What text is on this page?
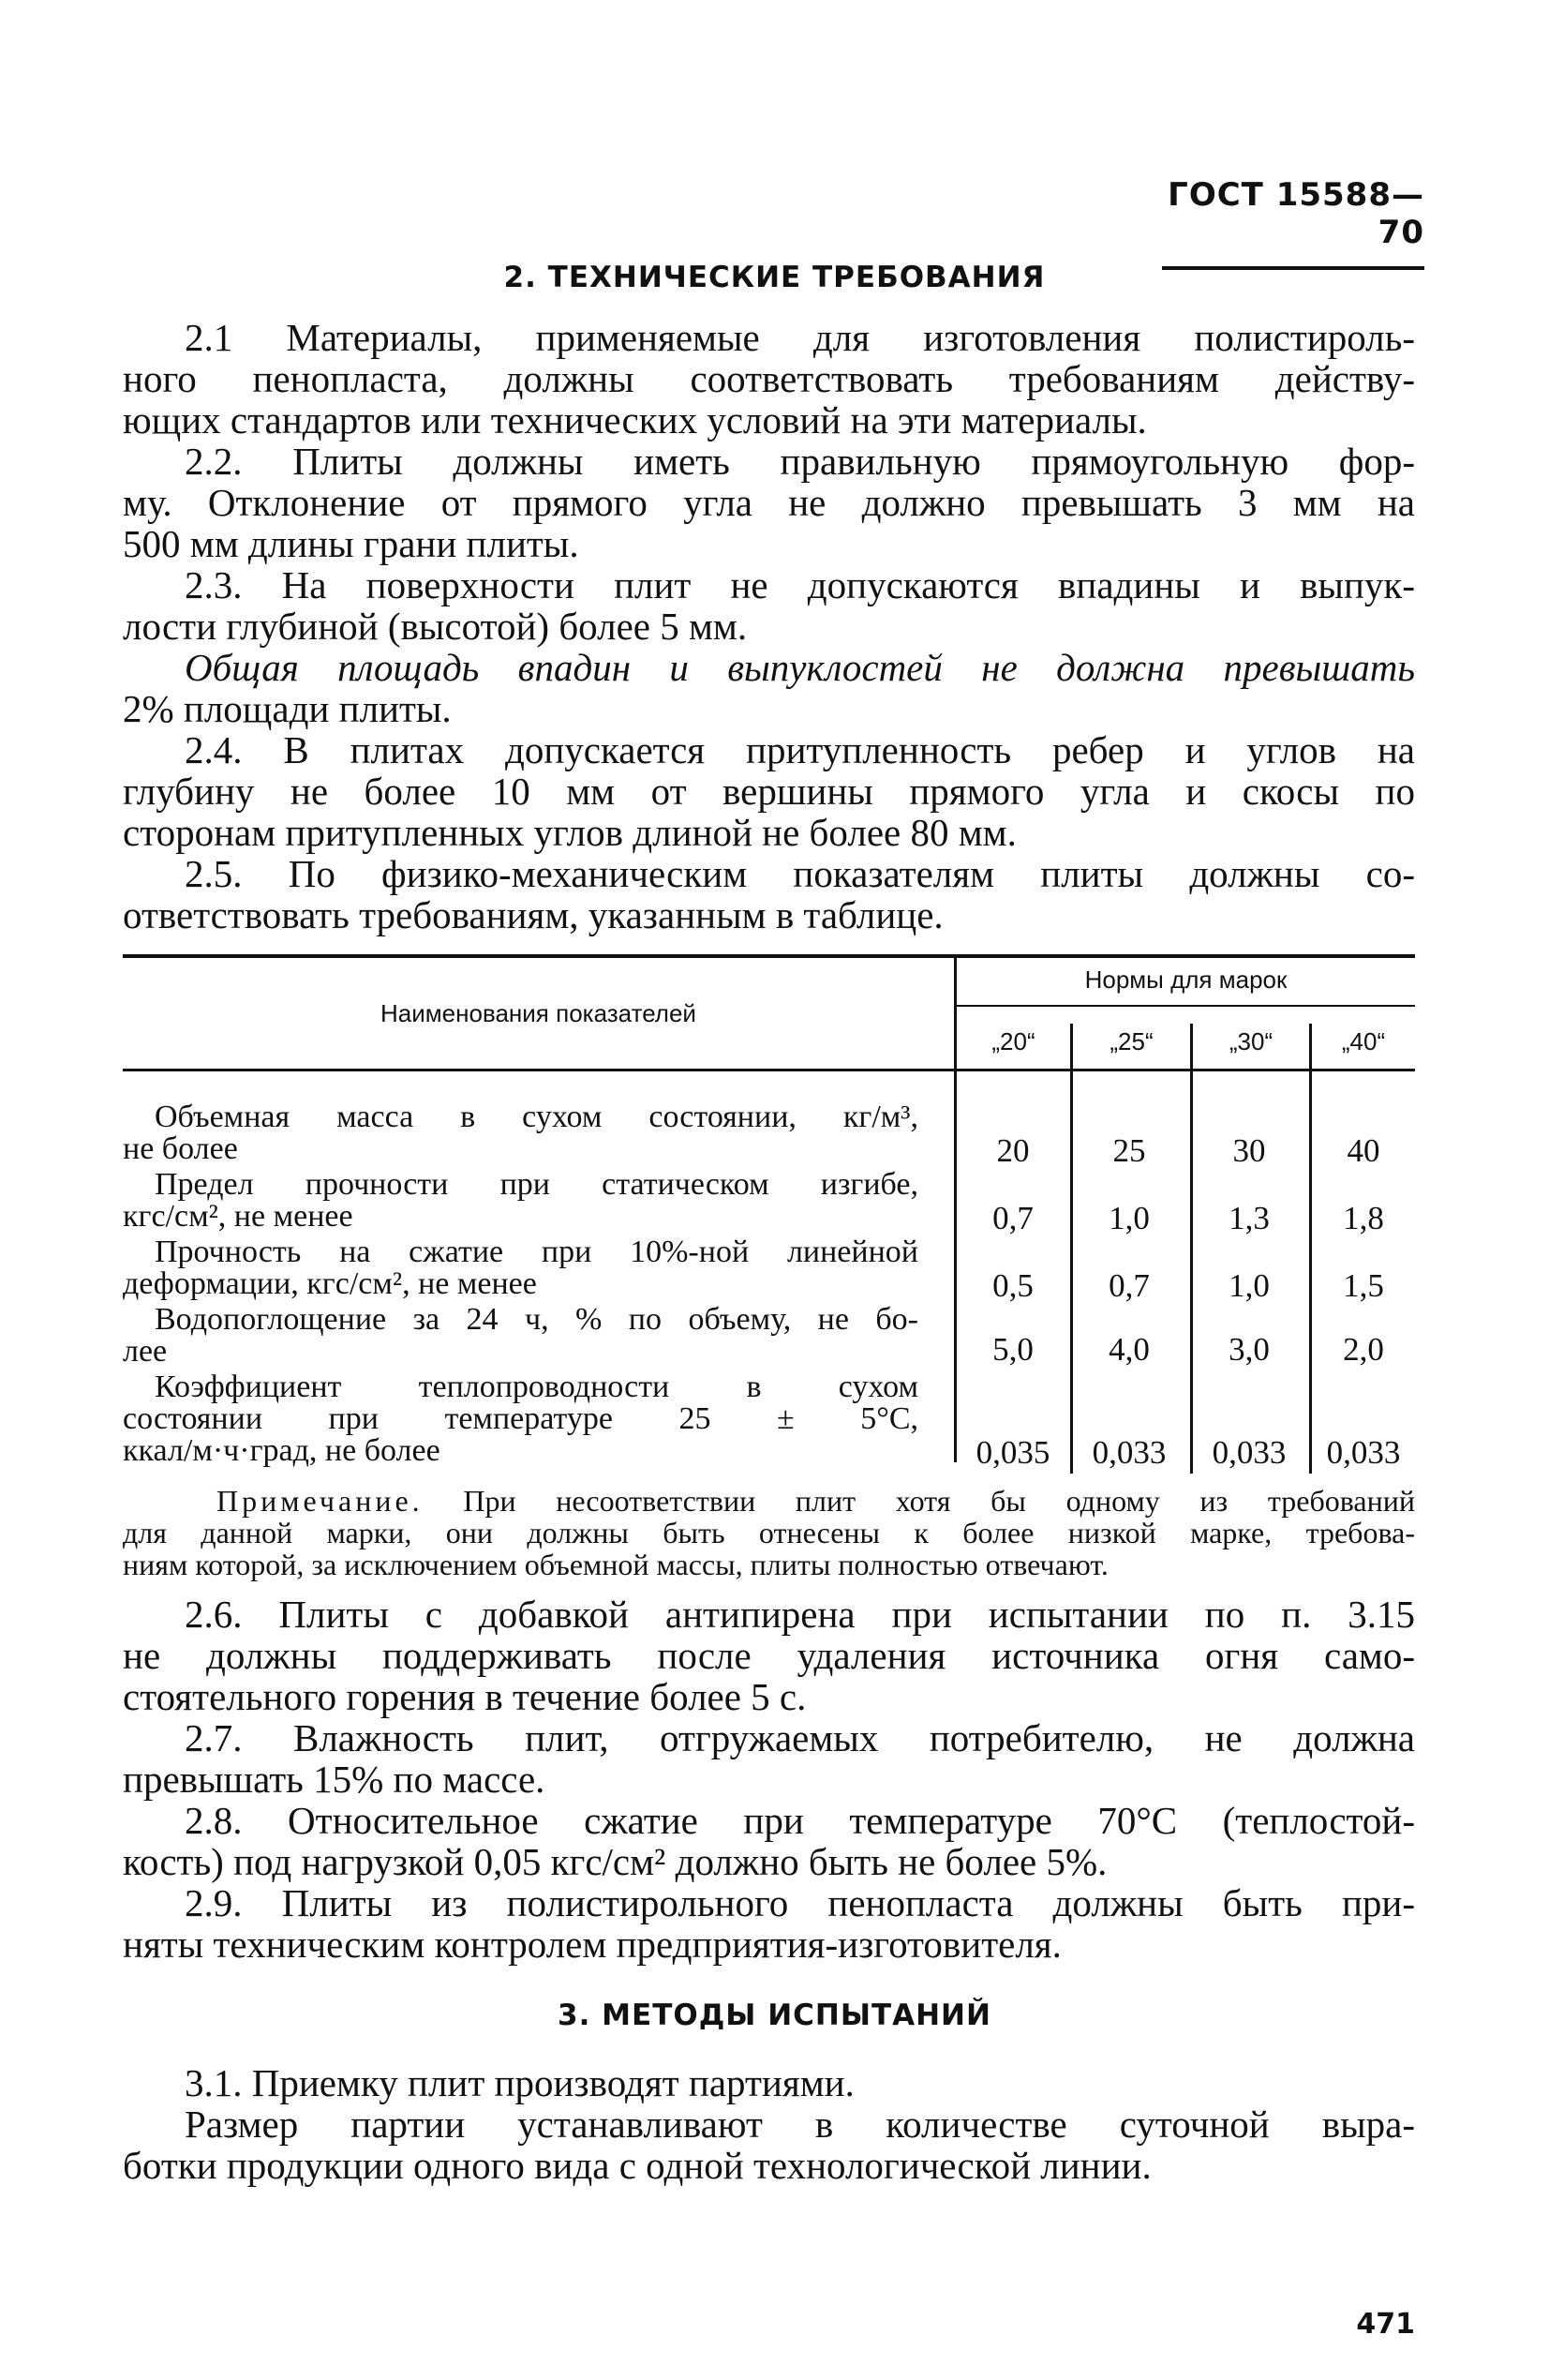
ГОСТ 15588—70
2. ТЕХНИЧЕСКИЕ ТРЕБОВАНИЯ
2.1 Материалы, применяемые для изготовления полистироль-
ного пенопласта, должны соответствовать требованиям действу-
ющих стандартов или технических условий на эти материалы.
2.2. Плиты должны иметь правильную прямоугольную фор-
му. Отклонение от прямого угла не должно превышать 3 мм на
500 мм длины грани плиты.
2.3. На поверхности плит не допускаются впадины и выпук-
лости глубиной (высотой) более 5 мм.
Общая площадь впадин и выпуклостей не должна превышать
2% площади плиты.
2.4. В плитах допускается притупленность ребер и углов на
глубину не более 10 мм от вершины прямого угла и скосы по
сторонам притупленных углов длиной не более 80 мм.
2.5. По физико-механическим показателям плиты должны со-
ответствовать требованиям, указанным в таблице.
Наименования показателей
Нормы для марок
„20“	„25“	„30“	„40“
Объемная масса в сухом состоянии, кг/м³,
не более	20	25	30	40
Предел прочности при статическом изгибе,
кгс/см², не менее	0,7	1,0	1,3	1,8
Прочность на сжатие при 10%-ной линейной
деформации, кгс/см², не менее	0,5	0,7	1,0	1,5
Водопоглощение за 24 ч, % по объему, не бо-
лее	5,0	4,0	3,0	2,0
Коэффициент теплопроводности в сухом
состоянии при температуре 25 ± 5°С,
ккал/м·ч·град, не более	0,035	0,033	0,033	0,033
Примечание. При несоответствии плит хотя бы одному из требований
для данной марки, они должны быть отнесены к более низкой марке, требова-
ниям которой, за исключением объемной массы, плиты полностью отвечают.
2.6. Плиты с добавкой антипирена при испытании по п. 3.15
не должны поддерживать после удаления источника огня само-
стоятельного горения в течение более 5 с.
2.7. Влажность плит, отгружаемых потребителю, не должна
превышать 15% по массе.
2.8. Относительное сжатие при температуре 70°С (теплостой-
кость) под нагрузкой 0,05 кгс/см² должно быть не более 5%.
2.9. Плиты из полистирольного пенопласта должны быть при-
няты техническим контролем предприятия-изготовителя.
3. МЕТОДЫ ИСПЫТАНИЙ
3.1. Приемку плит производят партиями.
Размер партии устанавливают в количестве суточной выра-
ботки продукции одного вида с одной технологической линии.
471
